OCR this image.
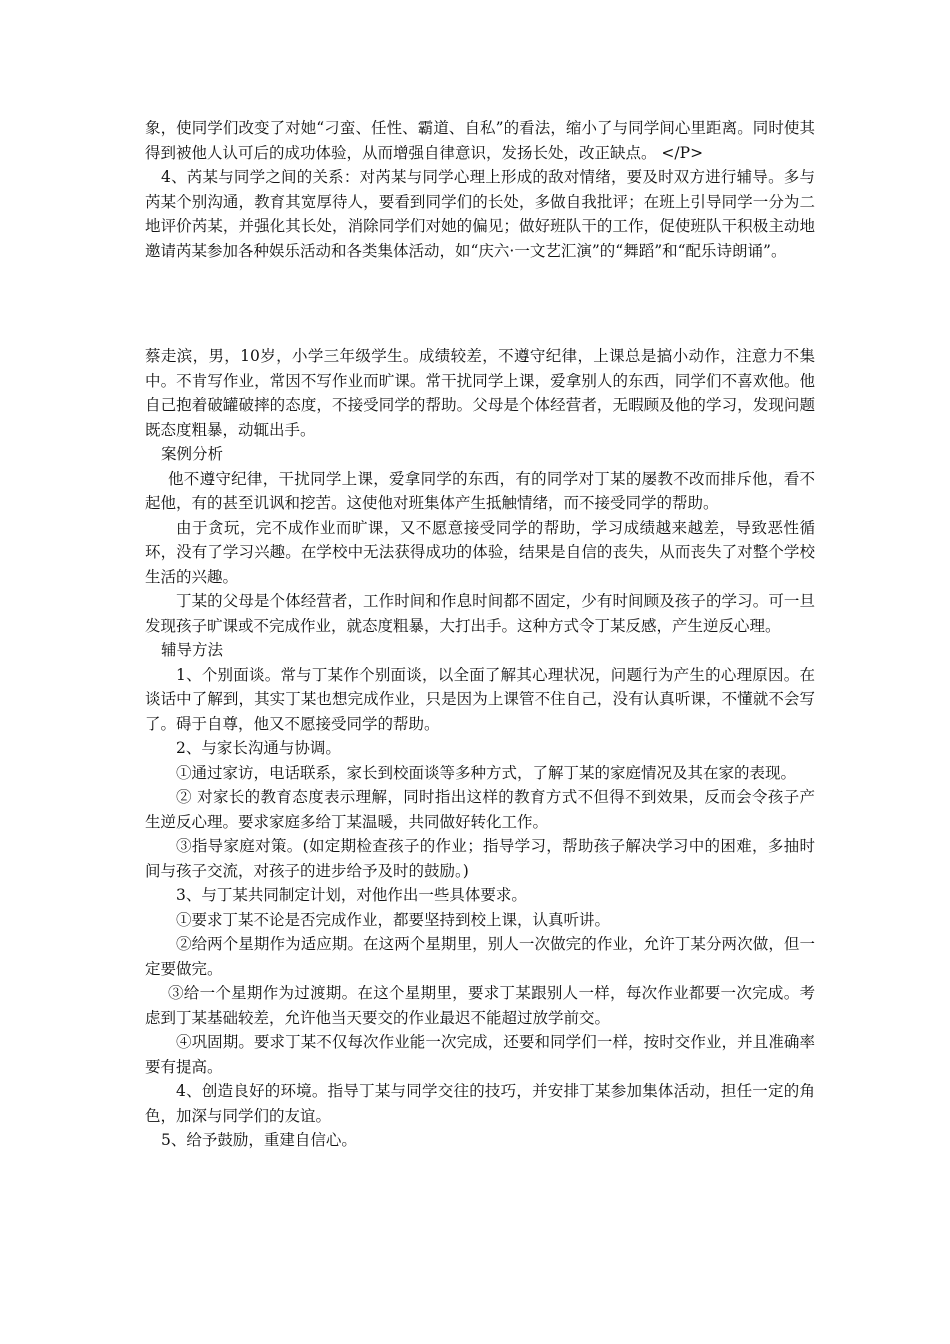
象，使同学们改变了对她“刁蛮、任性、霸道、自私”的看法，缩小了与同学间心里距离。同时使其得到被他人认可后的成功体验，从而增强自律意识，发扬长处，改正缺点。 </P>

4、芮某与同学之间的关系：对芮某与同学心理上形成的敌对情绪，要及时双方进行辅导。多与芮某个别沟通，教育其宽厚待人，要看到同学们的长处，多做自我批评；在班上引导同学一分为二地评价芮某，并强化其长处，消除同学们对她的偏见；做好班队干的工作，促使班队干积极主动地邀请芮某参加各种娱乐活动和各类集体活动，如“庆六·一文艺汇演”的“舞蹈”和“配乐诗朗诵”。

蔡走滨，男，10岁，小学三年级学生。成绩较差，不遵守纪律，上课总是搞小动作，注意力不集中。不肯写作业，常因不写作业而旷课。常干扰同学上课，爱拿别人的东西，同学们不喜欢他。他自己抱着破罐破摔的态度，不接受同学的帮助。父母是个体经营者，无暇顾及他的学习，发现问题既态度粗暴，动辄出手。

案例分析

他不遵守纪律，干扰同学上课，爱拿同学的东西，有的同学对丁某的屡教不改而排斥他，看不起他，有的甚至讥讽和挖苦。这使他对班集体产生抵触情绪，而不接受同学的帮助。

由于贪玩，完不成作业而旷课，又不愿意接受同学的帮助，学习成绩越来越差，导致恶性循环，没有了学习兴趣。在学校中无法获得成功的体验，结果是自信的丧失，从而丧失了对整个学校生活的兴趣。

丁某的父母是个体经营者，工作时间和作息时间都不固定，少有时间顾及孩子的学习。可一旦发现孩子旷课或不完成作业，就态度粗暴，大打出手。这种方式令丁某反感，产生逆反心理。

辅导方法

1、个别面谈。常与丁某作个别面谈，以全面了解其心理状况，问题行为产生的心理原因。在谈话中了解到，其实丁某也想完成作业，只是因为上课管不住自己，没有认真听课，不懂就不会写了。碍于自尊，他又不愿接受同学的帮助。

2、与家长沟通与协调。

①通过家访，电话联系，家长到校面谈等多种方式，了解丁某的家庭情况及其在家的表现。

② 对家长的教育态度表示理解，同时指出这样的教育方式不但得不到效果，反而会令孩子产生逆反心理。要求家庭多给丁某温暖，共同做好转化工作。

③指导家庭对策。(如定期检查孩子的作业；指导学习，帮助孩子解决学习中的困难，多抽时间与孩子交流，对孩子的进步给予及时的鼓励。)

3、与丁某共同制定计划，对他作出一些具体要求。

①要求丁某不论是否完成作业，都要坚持到校上课，认真听讲。

②给两个星期作为适应期。在这两个星期里，别人一次做完的作业，允许丁某分两次做，但一定要做完。

③给一个星期作为过渡期。在这个星期里，要求丁某跟别人一样，每次作业都要一次完成。考虑到丁某基础较差，允许他当天要交的作业最迟不能超过放学前交。

④巩固期。要求丁某不仅每次作业能一次完成，还要和同学们一样，按时交作业，并且准确率要有提高。

4、创造良好的环境。指导丁某与同学交往的技巧，并安排丁某参加集体活动，担任一定的角色，加深与同学们的友谊。

5、给予鼓励，重建自信心。
